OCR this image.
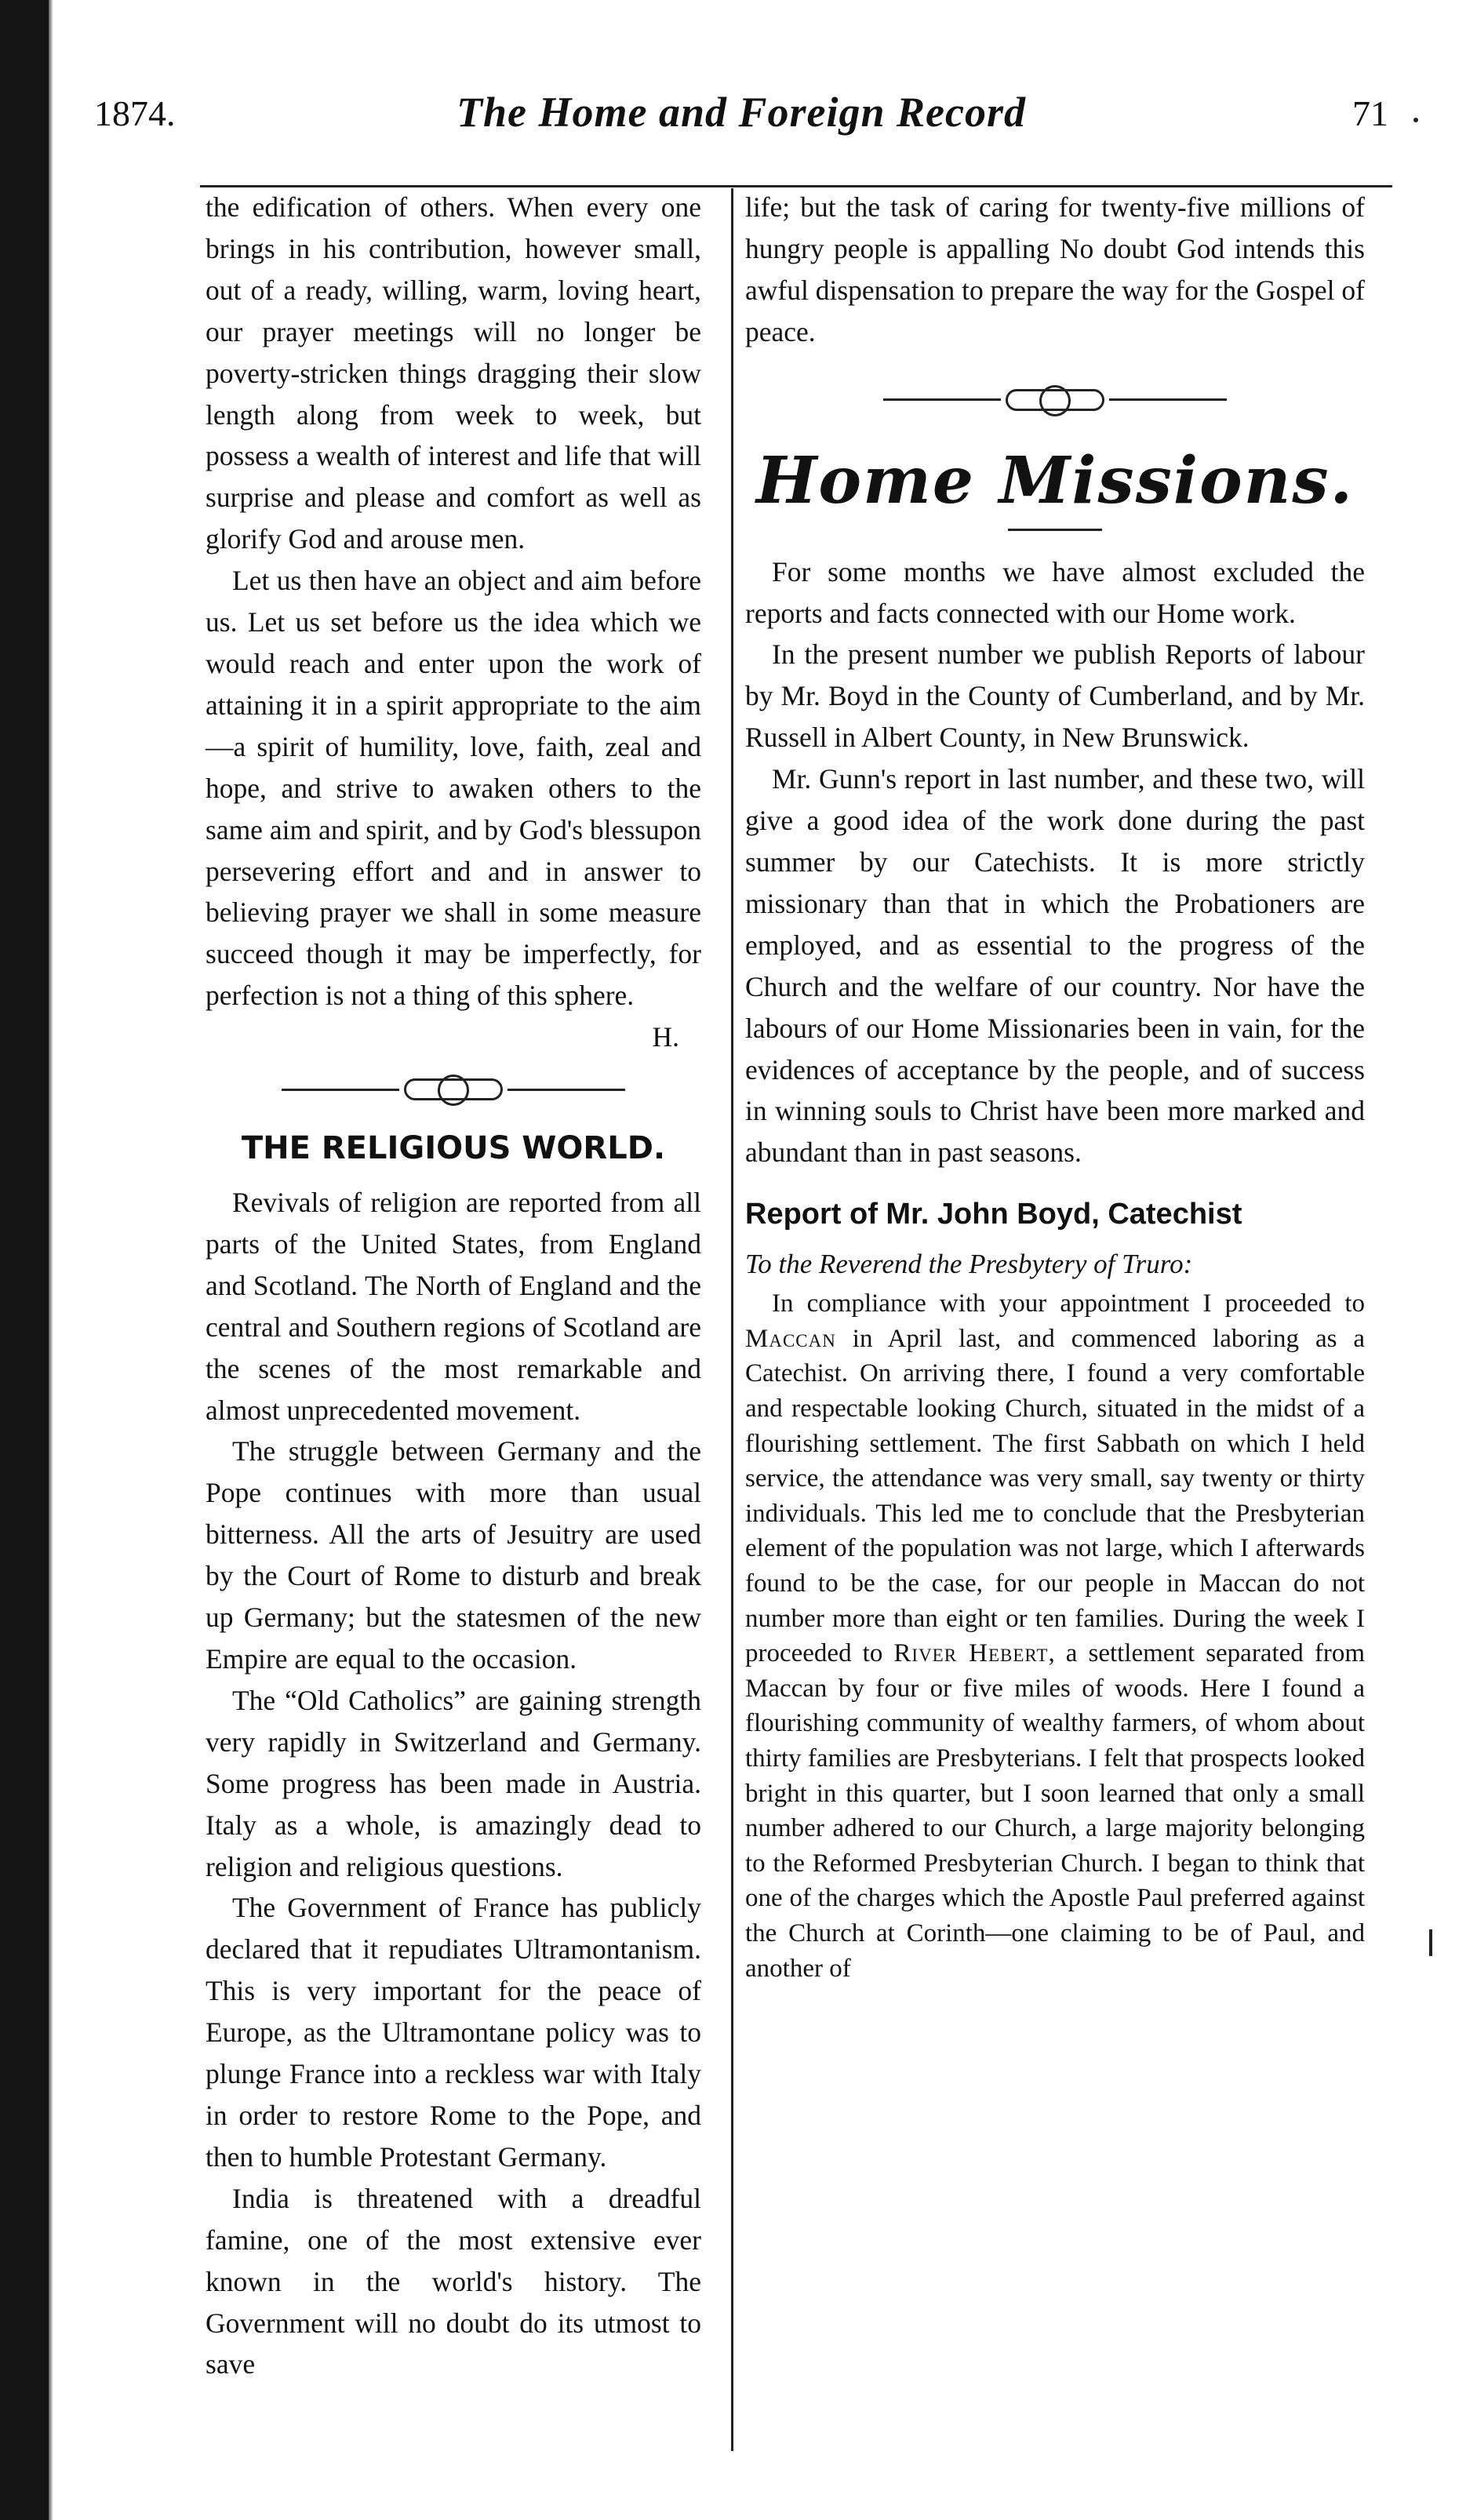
1874.	The Home and Foreign Record	71

the edification of others. When every one brings in his contribution, however small, out of a ready, willing, warm, loving heart, our prayer meetings will no longer be poverty-stricken things dragging their slow length along from week to week, but possess a wealth of interest and life that will surprise and please and comfort as well as glorify God and arouse men.

Let us then have an object and aim before us. Let us set before us the idea which we would reach and enter upon the work of attaining it in a spirit appropriate to the aim—a spirit of humility, love, faith, zeal and hope, and strive to awaken others to the same aim and spirit, and by God's blessupon persevering effort and and in answer to believing prayer we shall in some measure succeed though it may be imperfectly, for perfection is not a thing of this sphere.

H.

THE RELIGIOUS WORLD.

Revivals of religion are reported from all parts of the United States, from England and Scotland. The North of England and the central and Southern regions of Scotland are the scenes of the most remarkable and almost unprecedented movement.

The struggle between Germany and the Pope continues with more than usual bitterness. All the arts of Jesuitry are used by the Court of Rome to disturb and break up Germany; but the statesmen of the new Empire are equal to the occasion.

The “Old Catholics” are gaining strength very rapidly in Switzerland and Germany. Some progress has been made in Austria. Italy as a whole, is amazingly dead to religion and religious questions.

The Government of France has publicly declared that it repudiates Ultramontanism. This is very important for the peace of Europe, as the Ultramontane policy was to plunge France into a reckless war with Italy in order to restore Rome to the Pope, and then to humble Protestant Germany.

India is threatened with a dreadful famine, one of the most extensive ever known in the world's history. The Government will no doubt do its utmost to save

life; but the task of caring for twenty-five millions of hungry people is appalling No doubt God intends this awful dispensation to prepare the way for the Gospel of peace.

Home Missions.

For some months we have almost excluded the reports and facts connected with our Home work.

In the present number we publish Reports of labour by Mr. Boyd in the County of Cumberland, and by Mr. Russell in Albert County, in New Brunswick.

Mr. Gunn's report in last number, and these two, will give a good idea of the work done during the past summer by our Catechists. It is more strictly missionary than that in which the Probationers are employed, and as essential to the progress of the Church and the welfare of our country. Nor have the labours of our Home Missionaries been in vain, for the evidences of acceptance by the people, and of success in winning souls to Christ have been more marked and abundant than in past seasons.

Report of Mr. John Boyd, Catechist

To the Reverend the Presbytery of Truro:

In compliance with your appointment I proceeded to Maccan in April last, and commenced laboring as a Catechist. On arriving there, I found a very comfortable and respectable looking Church, situated in the midst of a flourishing settlement. The first Sabbath on which I held service, the attendance was very small, say twenty or thirty individuals. This led me to conclude that the Presbyterian element of the population was not large, which I afterwards found to be the case, for our people in Maccan do not number more than eight or ten families. During the week I proceeded to River Hebert, a settlement separated from Maccan by four or five miles of woods. Here I found a flourishing community of wealthy farmers, of whom about thirty families are Presbyterians. I felt that prospects looked bright in this quarter, but I soon learned that only a small number adhered to our Church, a large majority belonging to the Reformed Presbyterian Church. I began to think that one of the charges which the Apostle Paul preferred against the Church at Corinth—one claiming to be of Paul, and another of
